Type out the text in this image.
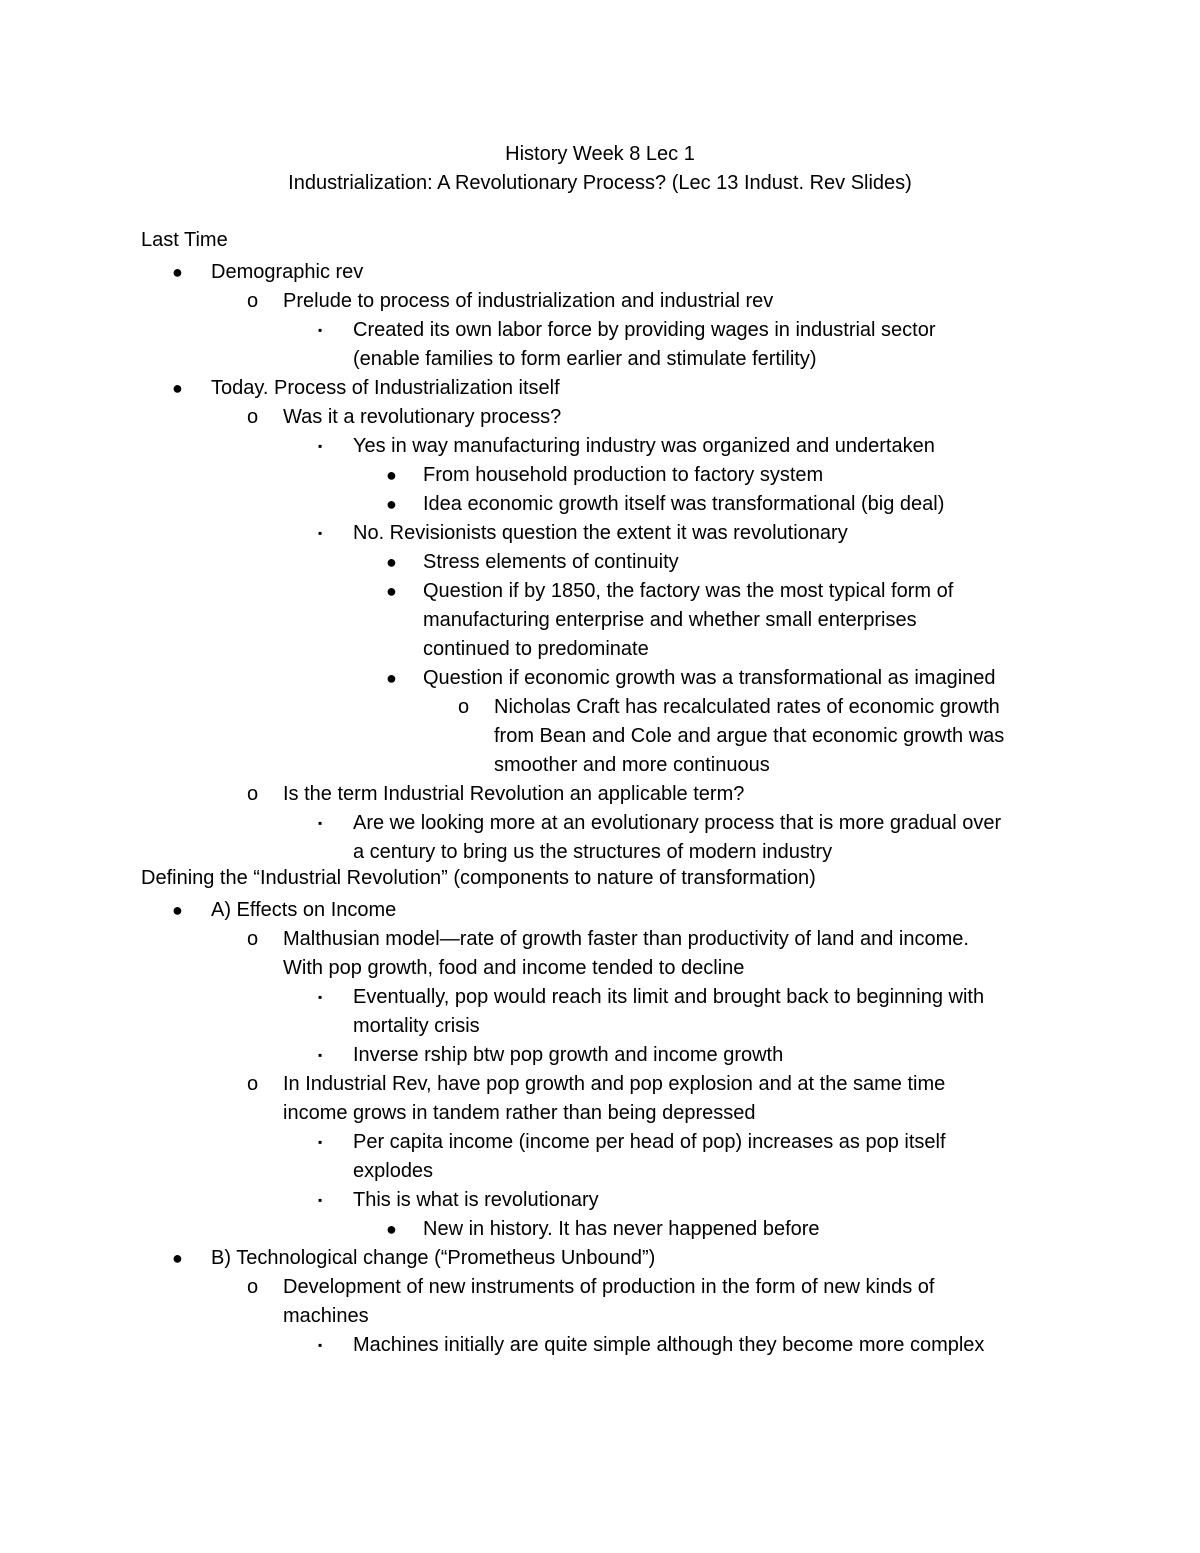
History Week 8 Lec 1
Industrialization: A Revolutionary Process? (Lec 13 Indust. Rev Slides)
Last Time
● Demographic rev
o Prelude to process of industrialization and industrial rev
▪ Created its own labor force by providing wages in industrial sector
(enable families to form earlier and stimulate fertility)
● Today. Process of Industrialization itself
o Was it a revolutionary process?
▪ Yes in way manufacturing industry was organized and undertaken
● From household production to factory system
● Idea economic growth itself was transformational (big deal)
▪ No. Revisionists question the extent it was revolutionary
● Stress elements of continuity
● Question if by 1850, the factory was the most typical form of
manufacturing enterprise and whether small enterprises
continued to predominate
● Question if economic growth was a transformational as imagined
o Nicholas Craft has recalculated rates of economic growth
from Bean and Cole and argue that economic growth was
smoother and more continuous
o Is the term Industrial Revolution an applicable term?
▪ Are we looking more at an evolutionary process that is more gradual over
a century to bring us the structures of modern industry
Defining the “Industrial Revolution” (components to nature of transformation)
● A) Effects on Income
o Malthusian model—rate of growth faster than productivity of land and income.
With pop growth, food and income tended to decline
▪ Eventually, pop would reach its limit and brought back to beginning with
mortality crisis
▪ Inverse rship btw pop growth and income growth
o In Industrial Rev, have pop growth and pop explosion and at the same time
income grows in tandem rather than being depressed
▪ Per capita income (income per head of pop) increases as pop itself
explodes
▪ This is what is revolutionary
● New in history. It has never happened before
● B) Technological change (“Prometheus Unbound”)
o Development of new instruments of production in the form of new kinds of
machines
▪ Machines initially are quite simple although they become more complex
